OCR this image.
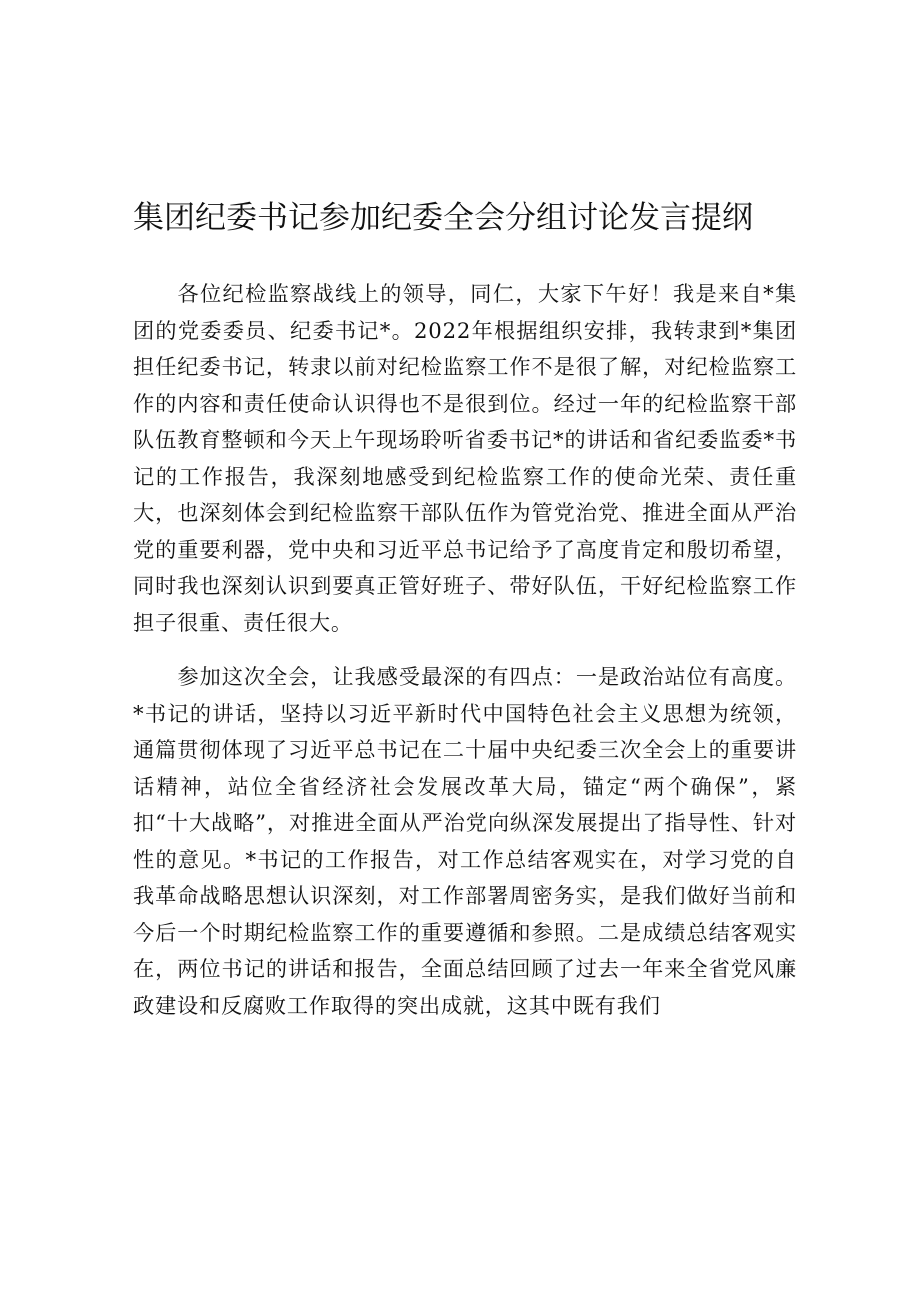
集团纪委书记参加纪委全会分组讨论发言提纲

各位纪检监察战线上的领导，同仁，大家下午好！我是来自*集团的党委委员、纪委书记*。2022年根据组织安排，我转隶到*集团担任纪委书记，转隶以前对纪检监察工作不是很了解，对纪检监察工作的内容和责任使命认识得也不是很到位。经过一年的纪检监察干部队伍教育整顿和今天上午现场聆听省委书记*的讲话和省纪委监委*书记的工作报告，我深刻地感受到纪检监察工作的使命光荣、责任重大，也深刻体会到纪检监察干部队伍作为管党治党、推进全面从严治党的重要利器，党中央和习近平总书记给予了高度肯定和殷切希望，同时我也深刻认识到要真正管好班子、带好队伍，干好纪检监察工作担子很重、责任很大。

参加这次全会，让我感受最深的有四点：一是政治站位有高度。*书记的讲话，坚持以习近平新时代中国特色社会主义思想为统领，通篇贯彻体现了习近平总书记在二十届中央纪委三次全会上的重要讲话精神，站位全省经济社会发展改革大局，锚定“两个确保”，紧扣“十大战略”，对推进全面从严治党向纵深发展提出了指导性、针对性的意见。*书记的工作报告，对工作总结客观实在，对学习党的自我革命战略思想认识深刻，对工作部署周密务实，是我们做好当前和今后一个时期纪检监察工作的重要遵循和参照。二是成绩总结客观实在，两位书记的讲话和报告，全面总结回顾了过去一年来全省党风廉政建设和反腐败工作取得的突出成就，这其中既有我们
